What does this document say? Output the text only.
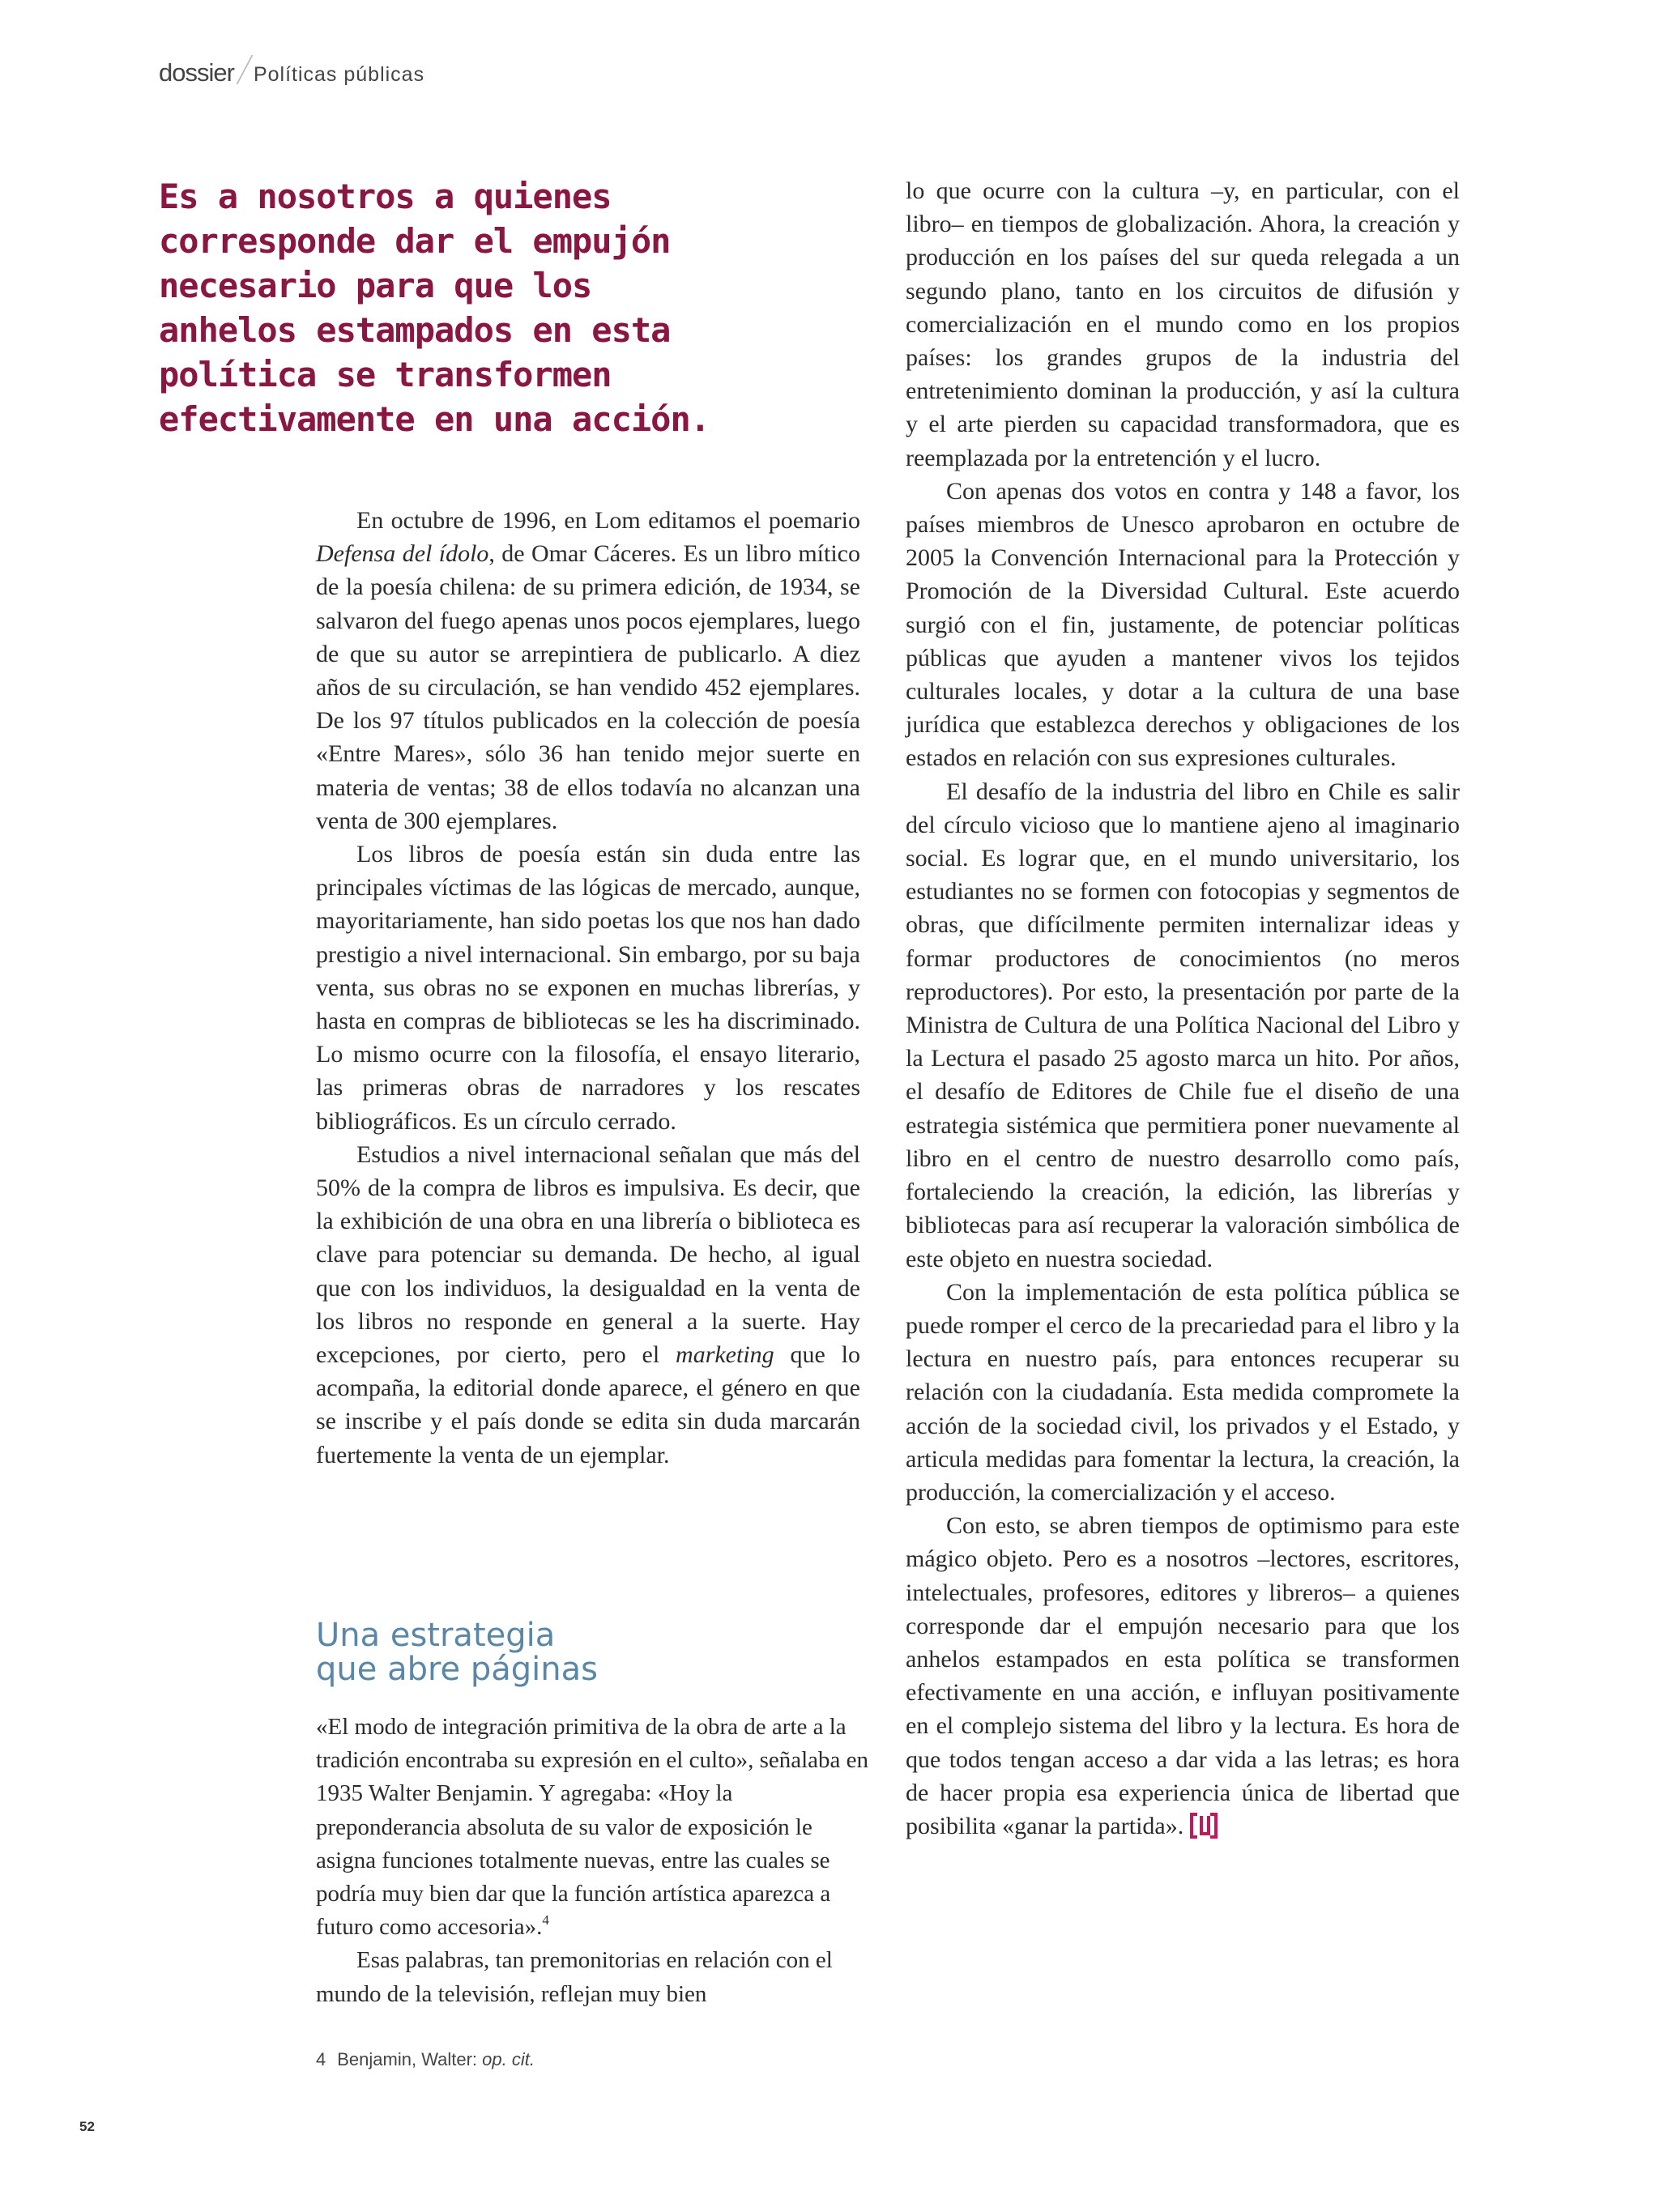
dossier Políticas públicas
Es a nosotros a quienes corresponde dar el empujón necesario para que los anhelos estampados en esta política se transformen efectivamente en una acción.

En octubre de 1996, en Lom editamos el poemario Defensa del ídolo, de Omar Cáceres. Es un libro mítico de la poesía chilena: de su primera edición, de 1934, se salvaron del fuego apenas unos pocos ejemplares, luego de que su autor se arrepintiera de publicarlo. A diez años de su circulación, se han vendido 452 ejemplares. De los 97 títulos publicados en la colección de poesía «Entre Mares», sólo 36 han tenido mejor suerte en materia de ventas; 38 de ellos todavía no alcanzan una venta de 300 ejemplares.

Los libros de poesía están sin duda entre las principales víctimas de las lógicas de mercado, aunque, mayoritariamente, han sido poetas los que nos han dado prestigio a nivel internacional. Sin embargo, por su baja venta, sus obras no se exponen en muchas librerías, y hasta en compras de bibliotecas se les ha discriminado. Lo mismo ocurre con la filosofía, el ensayo literario, las primeras obras de narradores y los rescates bibliográficos. Es un círculo cerrado.

Estudios a nivel internacional señalan que más del 50% de la compra de libros es impulsiva. Es decir, que la exhibición de una obra en una librería o biblioteca es clave para potenciar su demanda. De hecho, al igual que con los individuos, la desigualdad en la venta de los libros no responde en general a la suerte. Hay excepciones, por cierto, pero el marketing que lo acompaña, la editorial donde aparece, el género en que se inscribe y el país donde se edita sin duda marcarán fuertemente la venta de un ejemplar.

Una estrategia
que abre páginas

«El modo de integración primitiva de la obra de arte a la tradición encontraba su expresión en el culto», señalaba en 1935 Walter Benjamin. Y agregaba: «Hoy la preponderancia absoluta de su valor de exposición le asigna funciones totalmente nuevas, entre las cuales se podría muy bien dar que la función artística aparezca a futuro como accesoria».$^4$

Esas palabras, tan premonitorias en relación con el mundo de la televisión, reflejan muy bien

lo que ocurre con la cultura –y, en particular, con el libro– en tiempos de globalización. Ahora, la creación y producción en los países del sur queda relegada a un segundo plano, tanto en los circuitos de difusión y comercialización en el mundo como en los propios países: los grandes grupos de la industria del entretenimiento dominan la producción, y así la cultura y el arte pierden su capacidad transformadora, que es reemplazada por la entretención y el lucro.

Con apenas dos votos en contra y 148 a favor, los países miembros de Unesco aprobaron en octubre de 2005 la Convención Internacional para la Protección y Promoción de la Diversidad Cultural. Este acuerdo surgió con el fin, justamente, de potenciar políticas públicas que ayuden a mantener vivos los tejidos culturales locales, y dotar a la cultura de una base jurídica que establezca derechos y obligaciones de los estados en relación con sus expresiones culturales.

El desafío de la industria del libro en Chile es salir del círculo vicioso que lo mantiene ajeno al imaginario social. Es lograr que, en el mundo universitario, los estudiantes no se formen con fotocopias y segmentos de obras, que difícilmente permiten internalizar ideas y formar productores de conocimientos (no meros reproductores). Por esto, la presentación por parte de la Ministra de Cultura de una Política Nacional del Libro y la Lectura el pasado 25 agosto marca un hito. Por años, el desafío de Editores de Chile fue el diseño de una estrategia sistémica que permitiera poner nuevamente al libro en el centro de nuestro desarrollo como país, fortaleciendo la creación, la edición, las librerías y bibliotecas para así recuperar la valoración simbólica de este objeto en nuestra sociedad.

Con la implementación de esta política pública se puede romper el cerco de la precariedad para el libro y la lectura en nuestro país, para entonces recuperar su relación con la ciudadanía. Esta medida compromete la acción de la sociedad civil, los privados y el Estado, y articula medidas para fomentar la lectura, la creación, la producción, la comercialización y el acceso.

Con esto, se abren tiempos de optimismo para este mágico objeto. Pero es a nosotros –lectores, escritores, intelectuales, profesores, editores y libreros– a quienes corresponde dar el empujón necesario para que los anhelos estampados en esta política se transformen efectivamente en una acción, e influyan positivamente en el complejo sistema del libro y la lectura. Es hora de que todos tengan acceso a dar vida a las letras; es hora de hacer propia esa experiencia única de libertad que posibilita «ganar la partida».

4 Benjamin, Walter: op. cit.
52
